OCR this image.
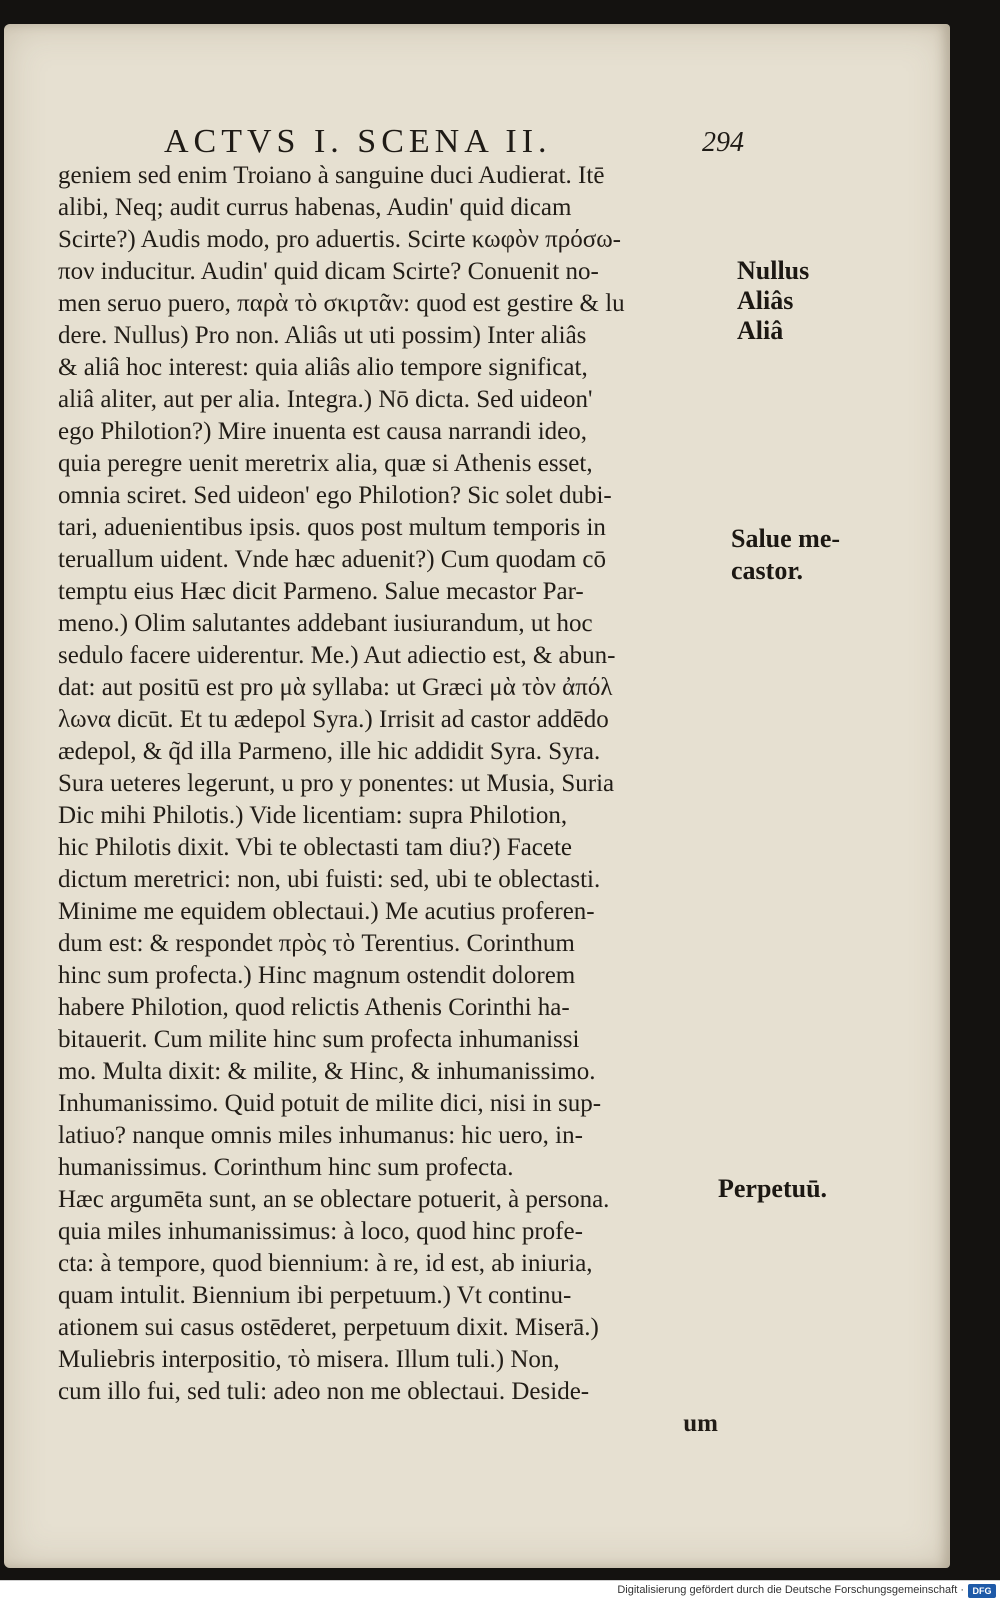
ACTVS I. SCENA II.	294
geniem sed enim Troiano à sanguine duci Audierat. Itē
alibi, Neq; audit currus habenas, Audin' quid dicam
Scirte?) Audis modo, pro aduertis. Scirte κωφὸν πρόσω-
πον inducitur. Audin' quid dicam Scirte? Conuenit no-
men seruo puero, παρὰ τὸ σκιρτᾶν: quod est gestire & lu
dere. Nullus) Pro non. Aliâs ut uti possim) Inter aliâs
& aliâ hoc interest: quia aliâs alio tempore significat,
aliâ aliter, aut per alia. Integra.) Nō dicta. Sed uideon'
ego Philotion?) Mire inuenta est causa narrandi ideo,
quia peregre uenit meretrix alia, quæ si Athenis esset,
omnia sciret. Sed uideon' ego Philotion? Sic solet dubi-
tari, aduenientibus ipsis. quos post multum temporis in
teruallum uident. Vnde hæc aduenit?) Cum quodam cō
temptu eius Hæc dicit Parmeno. Salue mecastor Par-
meno.) Olim salutantes addebant iusiurandum, ut hoc
sedulo facere uiderentur. Me.) Aut adiectio est, & abun-
dat: aut positū est pro μὰ syllaba: ut Græci μὰ τὸν ἀπόλ
λωνα dicūt. Et tu ædepol Syra.) Irrisit ad castor addēdo
ædepol, & q̃d illa Parmeno, ille hic addidit Syra. Syra.
Sura ueteres legerunt, u pro y ponentes: ut Musia, Suria
Dic mihi Philotis.) Vide licentiam: supra Philotion,
hic Philotis dixit. Vbi te oblectasti tam diu?) Facete
dictum meretrici: non, ubi fuisti: sed, ubi te oblectasti.
Minime me equidem oblectaui.) Me acutius proferen-
dum est: & respondet πρὸς τὸ Terentius. Corinthum
hinc sum profecta.) Hinc magnum ostendit dolorem
habere Philotion, quod relictis Athenis Corinthi ha-
bitauerit. Cum milite hinc sum profecta inhumanissi
mo. Multa dixit: & milite, & Hinc, & inhumanissimo.
Inhumanissimo. Quid potuit de milite dici, nisi in sup-
latiuo? nanque omnis miles inhumanus: hic uero, in-
humanissimus. Corinthum hinc sum profecta.
Hæc argumēta sunt, an se oblectare potuerit, à persona.
quia miles inhumanissimus: à loco, quod hinc profe-
cta: à tempore, quod biennium: à re, id est, ab iniuria,
quam intulit. Biennium ibi perpetuum.) Vt continu-
ationem sui casus ostēderet, perpetuum dixit. Miserā.)
Muliebris interpositio, τὸ misera. Illum tuli.) Non,
cum illo fui, sed tuli: adeo non me oblectaui. Deside-
um
Nullus
Aliâs
Aliâ
Salue me-
castor.
Perpetuū.
Digitalisierung gefördert durch die Deutsche Forschungsgemeinschaft · DFG
